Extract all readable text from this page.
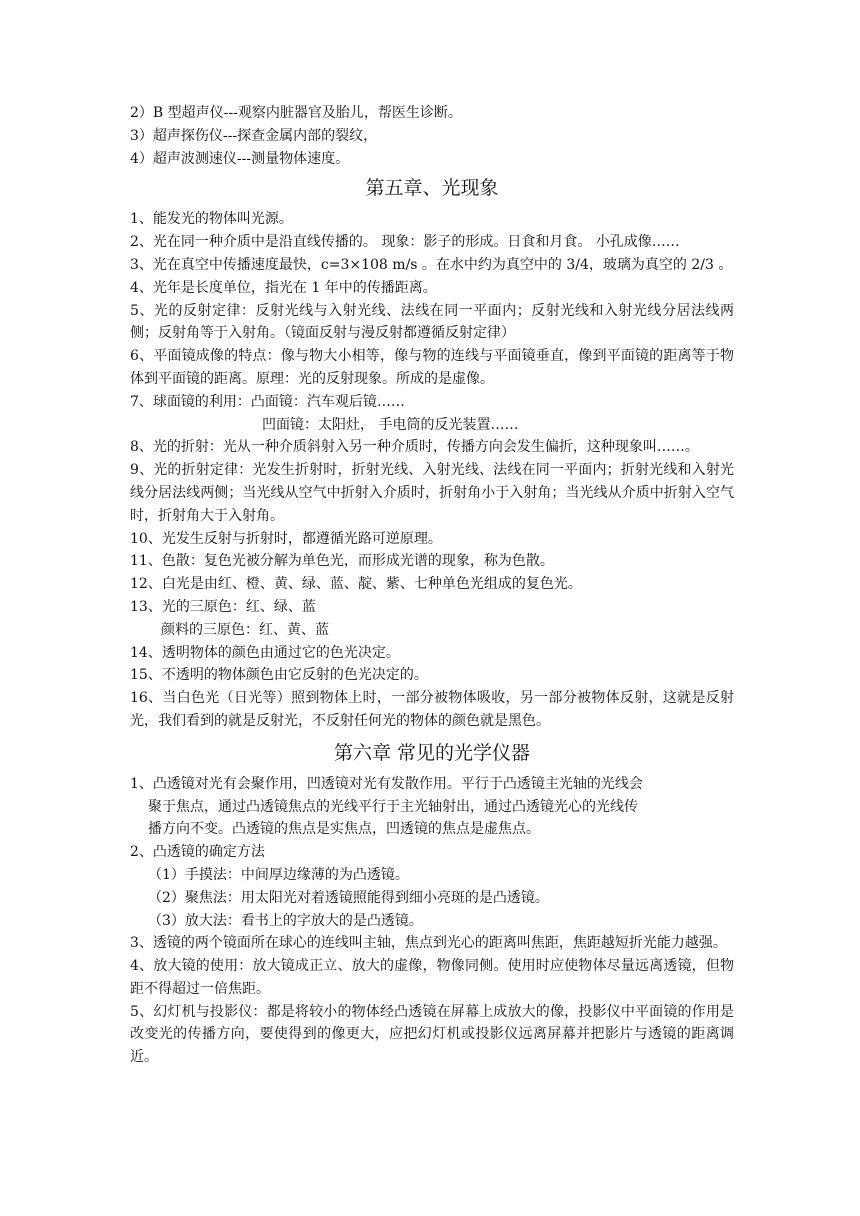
2）B 型超声仪---观察内脏器官及胎儿，帮医生诊断。
3）超声探伤仪---探查金属内部的裂纹，
4）超声波测速仪---测量物体速度。
第五章、光现象
1、能发光的物体叫光源。
2、光在同一种介质中是沿直线传播的。 现象：影子的形成。日食和月食。 小孔成像……
3、光在真空中传播速度最快，c=3×108 m/s 。在水中约为真空中的 3/4，玻璃为真空的 2/3 。
4、光年是长度单位，指光在 1 年中的传播距离。
5、光的反射定律：反射光线与入射光线、法线在同一平面内；反射光线和入射光线分居法线两侧；反射角等于入射角。（镜面反射与漫反射都遵循反射定律）
6、平面镜成像的特点：像与物大小相等，像与物的连线与平面镜垂直，像到平面镜的距离等于物体到平面镜的距离。原理：光的反射现象。所成的是虚像。
7、球面镜的利用：凸面镜：汽车观后镜……
凹面镜：太阳灶， 手电筒的反光装置……
8、光的折射：光从一种介质斜射入另一种介质时，传播方向会发生偏折，这种现象叫……。
9、光的折射定律：光发生折射时，折射光线、入射光线、法线在同一平面内；折射光线和入射光线分居法线两侧；当光线从空气中折射入介质时，折射角小于入射角；当光线从介质中折射入空气时，折射角大于入射角。
10、光发生反射与折射时，都遵循光路可逆原理。
11、色散：复色光被分解为单色光，而形成光谱的现象，称为色散。
12、白光是由红、橙、黄、绿、蓝、靛、紫、七种单色光组成的复色光。
13、光的三原色：红、绿、蓝
颜料的三原色：红、黄、蓝
14、透明物体的颜色由通过它的色光决定。
15、不透明的物体颜色由它反射的色光决定的。
16、当白色光（日光等）照到物体上时，一部分被物体吸收，另一部分被物体反射，这就是反射光，我们看到的就是反射光，不反射任何光的物体的颜色就是黑色。
第六章 常见的光学仪器
1、凸透镜对光有会聚作用，凹透镜对光有发散作用。平行于凸透镜主光轴的光线会
聚于焦点，通过凸透镜焦点的光线平行于主光轴射出，通过凸透镜光心的光线传
播方向不变。凸透镜的焦点是实焦点，凹透镜的焦点是虚焦点。
2、凸透镜的确定方法
（1）手摸法：中间厚边缘薄的为凸透镜。
（2）聚焦法：用太阳光对着透镜照能得到细小亮斑的是凸透镜。
（3）放大法：看书上的字放大的是凸透镜。
3、透镜的两个镜面所在球心的连线叫主轴，焦点到光心的距离叫焦距，焦距越短折光能力越强。
4、放大镜的使用：放大镜成正立、放大的虚像，物像同侧。使用时应使物体尽量远离透镜，但物距不得超过一倍焦距。
5、幻灯机与投影仪：都是将较小的物体经凸透镜在屏幕上成放大的像，投影仪中平面镜的作用是改变光的传播方向，要使得到的像更大，应把幻灯机或投影仪远离屏幕并把影片与透镜的距离调近。
